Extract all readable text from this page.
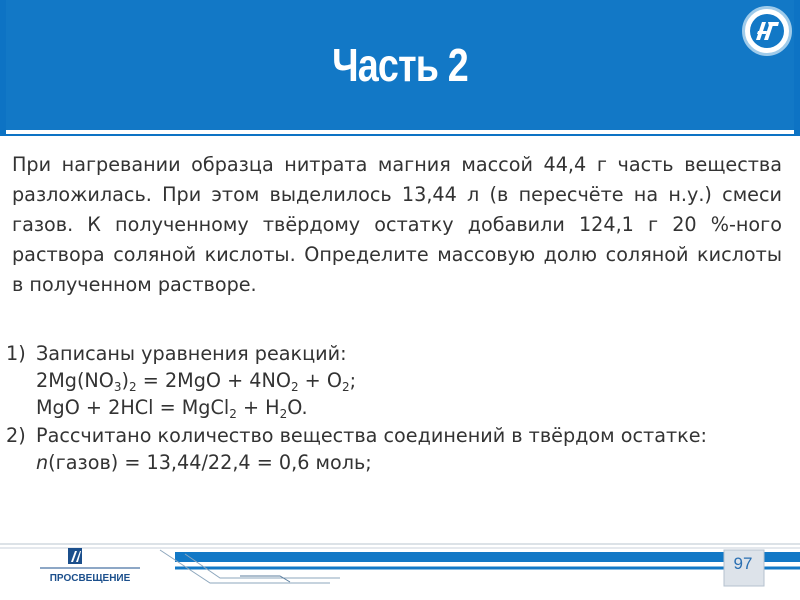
Часть 2

При нагревании образца нитрата магния массой 44,4 г часть вещества разложилась. При этом выделилось 13,44 л (в пересчёте на н.у.) смеси газов. К полученному твёрдому остатку добавили 124,1 г 20 %-ного раствора соляной кислоты. Определите массовую долю соляной кислоты в полученном растворе.

1) Записаны уравнения реакций:
$2Mg(NO_3)_2 = 2MgO + 4NO_2 + O_2$;
MgO + 2HCl = MgCl$_2$ + $H_2O$.
2) Рассчитано количество вещества соединений в твёрдом остатке:
n(газов) = 13,44/22,4 = 0,6 моль;
ПРОСВЕЩЕНИЕ
97
